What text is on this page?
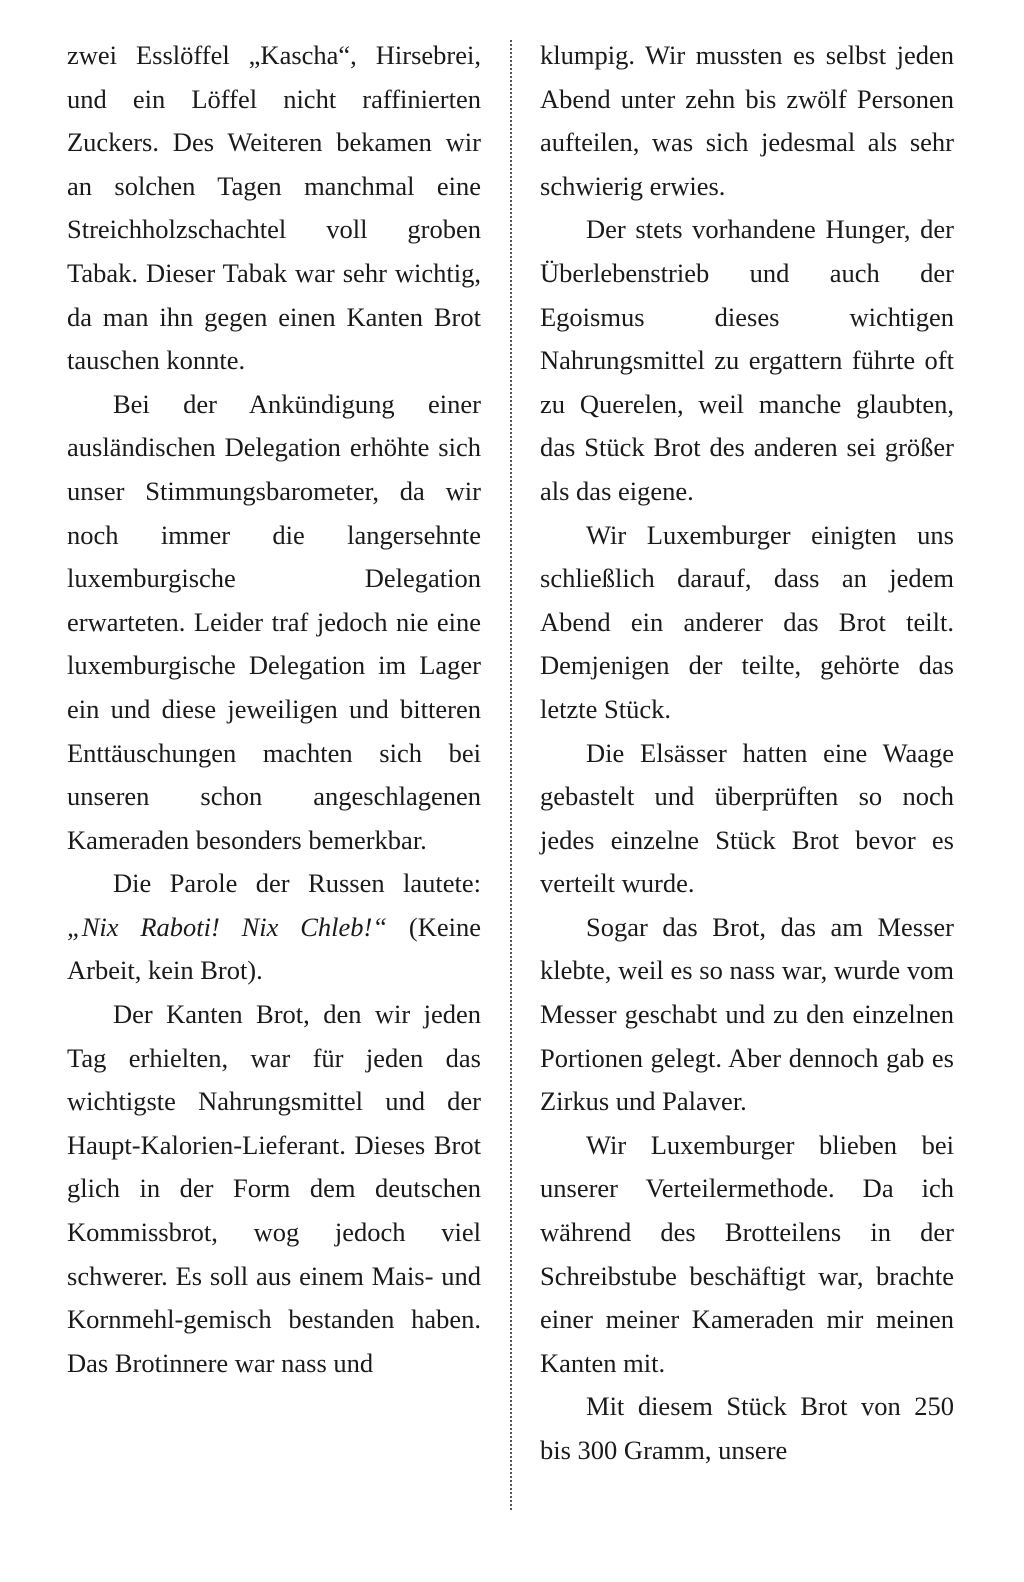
zwei Esslöffel „Kascha“, Hirsebrei, und ein Löffel nicht raffinierten Zuckers. Des Weiteren bekamen wir an solchen Tagen manchmal eine Streichholzschachtel voll groben Tabak. Dieser Tabak war sehr wichtig, da man ihn gegen einen Kanten Brot tauschen konnte.

Bei der Ankündigung einer ausländischen Delegation erhöhte sich unser Stimmungsbarometer, da wir noch immer die langersehnte luxemburgische Delegation erwarteten. Leider traf jedoch nie eine luxemburgische Delegation im Lager ein und diese jeweiligen und bitteren Enttäuschungen machten sich bei unseren schon angeschlagenen Kameraden besonders bemerkbar.

Die Parole der Russen lautete: „Nix Raboti! Nix Chleb!“ (Keine Arbeit, kein Brot).

Der Kanten Brot, den wir jeden Tag erhielten, war für jeden das wichtigste Nahrungsmittel und der Haupt-Kalorien-Lieferant. Dieses Brot glich in der Form dem deutschen Kommissbrot, wog jedoch viel schwerer. Es soll aus einem Mais- und Kornmehl-gemisch bestanden haben. Das Brotinnere war nass und

klumpig. Wir mussten es selbst jeden Abend unter zehn bis zwölf Personen aufteilen, was sich jedesmal als sehr schwierig erwies.

Der stets vorhandene Hunger, der Überlebenstrieb und auch der Egoismus dieses wichtigen Nahrungsmittel zu ergattern führte oft zu Querelen, weil manche glaubten, das Stück Brot des anderen sei größer als das eigene.

Wir Luxemburger einigten uns schließlich darauf, dass an jedem Abend ein anderer das Brot teilt. Demjenigen der teilte, gehörte das letzte Stück.

Die Elsässer hatten eine Waage gebastelt und überprüften so noch jedes einzelne Stück Brot bevor es verteilt wurde.

Sogar das Brot, das am Messer klebte, weil es so nass war, wurde vom Messer geschabt und zu den einzelnen Portionen gelegt. Aber dennoch gab es Zirkus und Palaver.

Wir Luxemburger blieben bei unserer Verteilermethode. Da ich während des Brotteilens in der Schreibstube beschäftigt war, brachte einer meiner Kameraden mir meinen Kanten mit.

Mit diesem Stück Brot von 250 bis 300 Gramm, unsere
